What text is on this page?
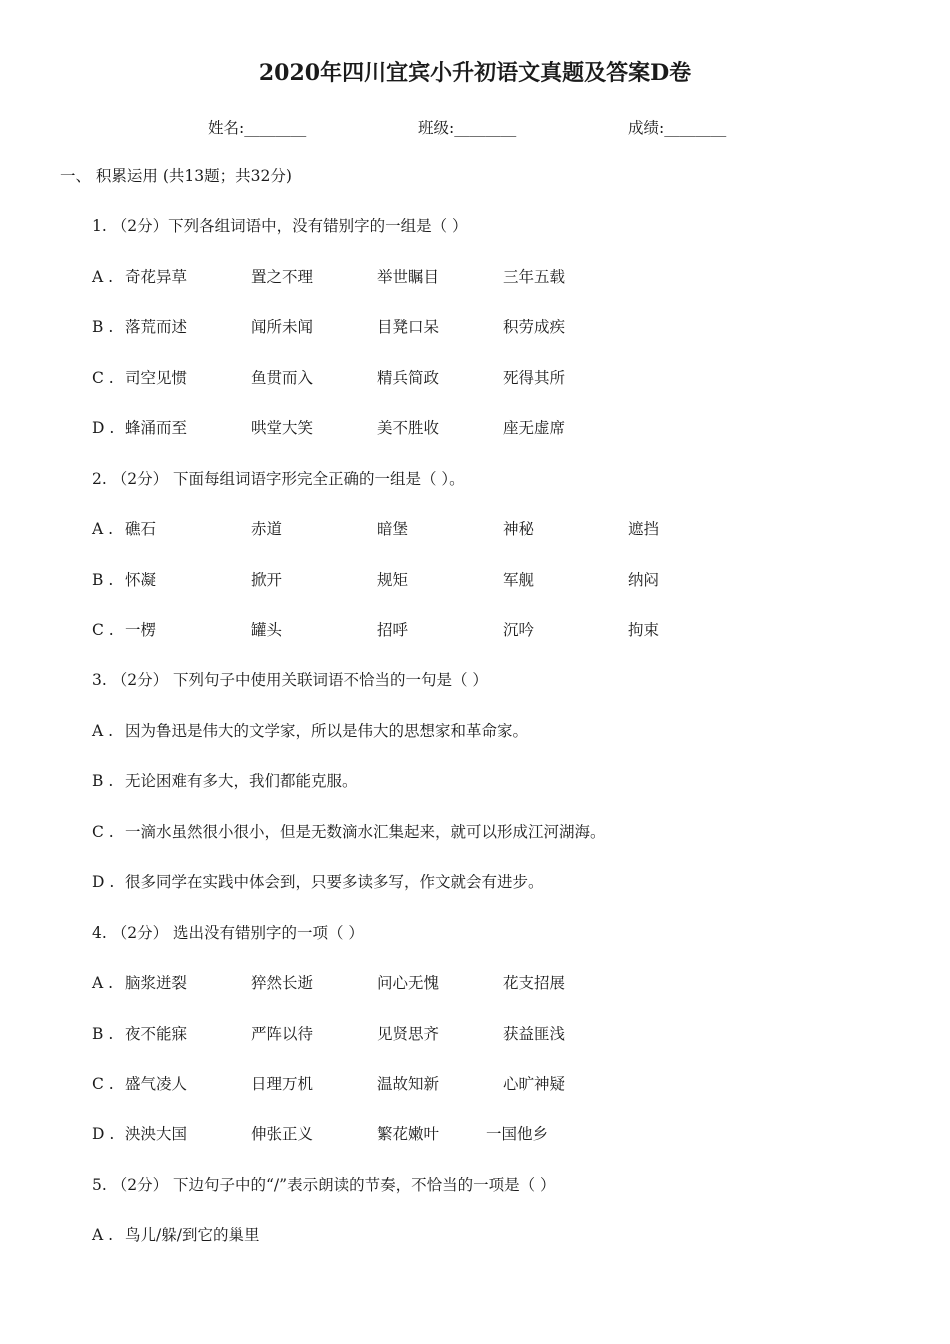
2020年四川宜宾小升初语文真题及答案D卷
姓名:________	班级:________	成绩:________
一、 积累运用 (共13题；共32分)
1. （2分）下列各组词语中，没有错别字的一组是（ ）
A . 奇花异草	置之不理	举世瞩目	三年五载
B . 落荒而述	闻所未闻	目凳口呆	积劳成疾
C . 司空见惯	鱼贯而入	精兵简政	死得其所
D . 蜂涌而至	哄堂大笑	美不胜收	座无虚席
2. （2分） 下面每组词语字形完全正确的一组是（ ）。
A . 礁石	赤道	暗堡	神秘	遮挡
B . 怀凝	掀开	规矩	军舰	纳闷
C . 一楞	罐头	招呼	沉吟	拘束
3. （2分） 下列句子中使用关联词语不恰当的一句是（ ）
A . 因为鲁迅是伟大的文学家，所以是伟大的思想家和革命家。
B . 无论困难有多大，我们都能克服。
C . 一滴水虽然很小很小，但是无数滴水汇集起来，就可以形成江河湖海。
D . 很多同学在实践中体会到，只要多读多写，作文就会有进步。
4. （2分） 选出没有错别字的一项（ ）
A . 脑浆迸裂	猝然长逝	问心无愧	花支招展
B . 夜不能寐	严阵以待	见贤思齐	获益匪浅
C . 盛气凌人	日理万机	温故知新	心旷神疑
D . 泱泱大国	伸张正义	繁花嫩叶	一国他乡
5. （2分） 下边句子中的“/”表示朗读的节奏，不恰当的一项是（ ）
A . 鸟儿/躲/到它的巢里
